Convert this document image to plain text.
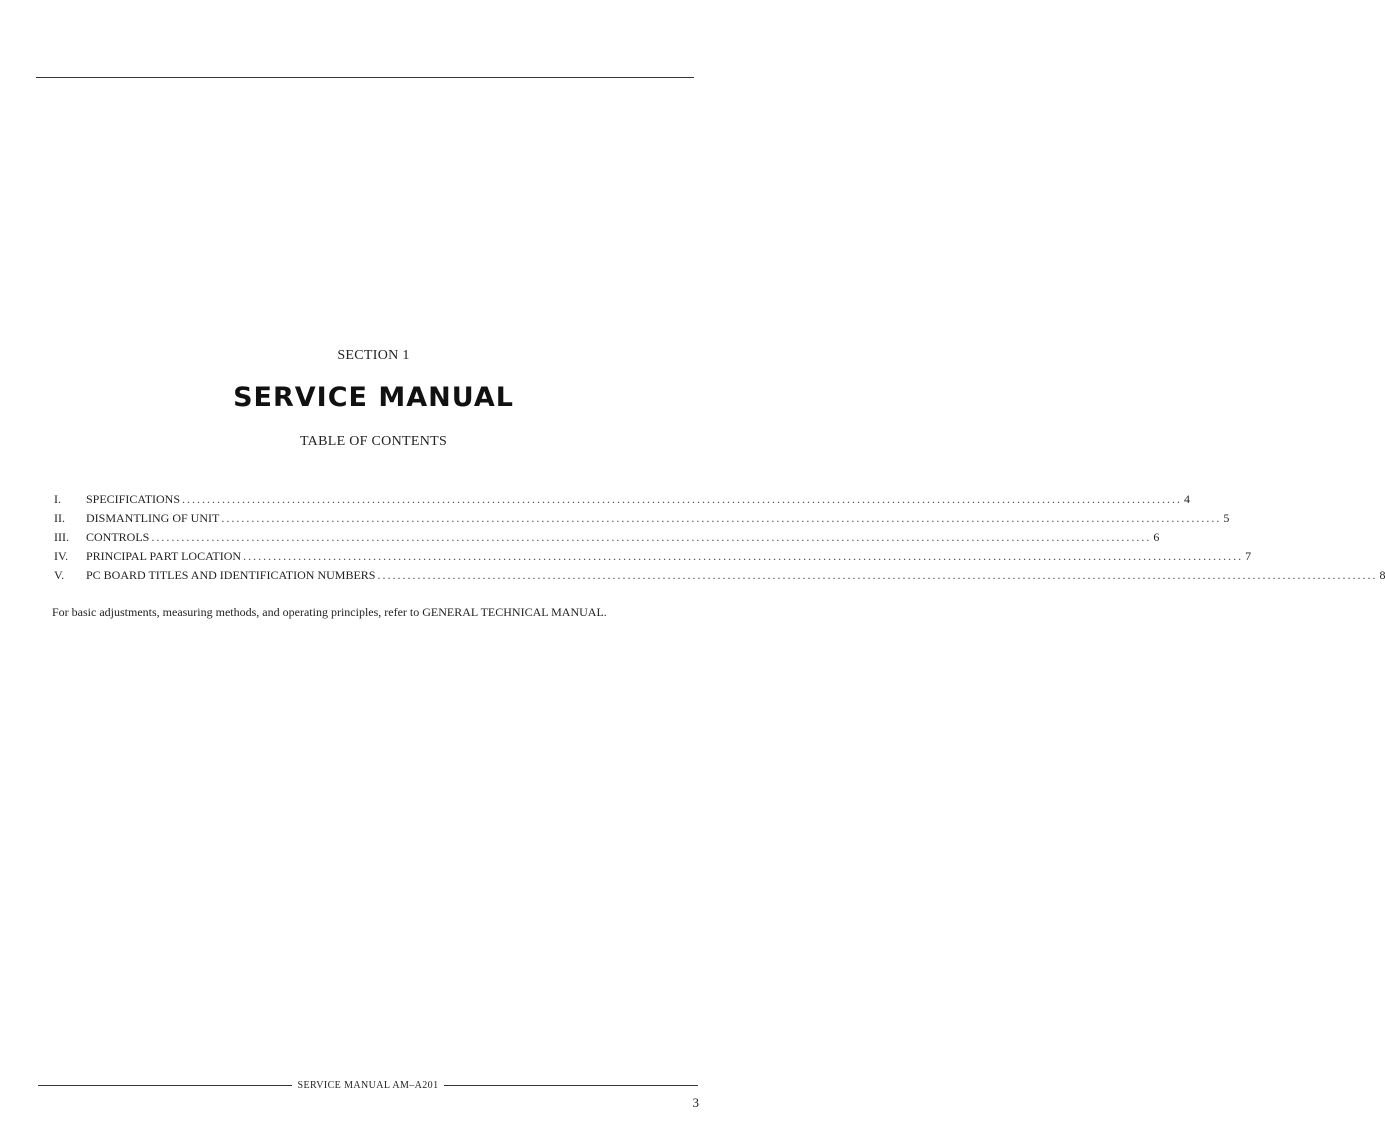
SECTION 1
SERVICE MANUAL
TABLE OF CONTENTS
I.	SPECIFICATIONS ........................................................................................................................................................................................................ 4
II.	DISMANTLING OF UNIT ........................................................................................................................................................................................................ 5
III.	CONTROLS ........................................................................................................................................................................................................ 6
IV.	PRINCIPAL PART LOCATION ........................................................................................................................................................................................................ 7
V.	PC BOARD TITLES AND IDENTIFICATION NUMBERS ........................................................................................................................................................................................................ 8
For basic adjustments, measuring methods, and operating principles, refer to GENERAL TECHNICAL MANUAL.
SERVICE MANUAL AM–A201
3
